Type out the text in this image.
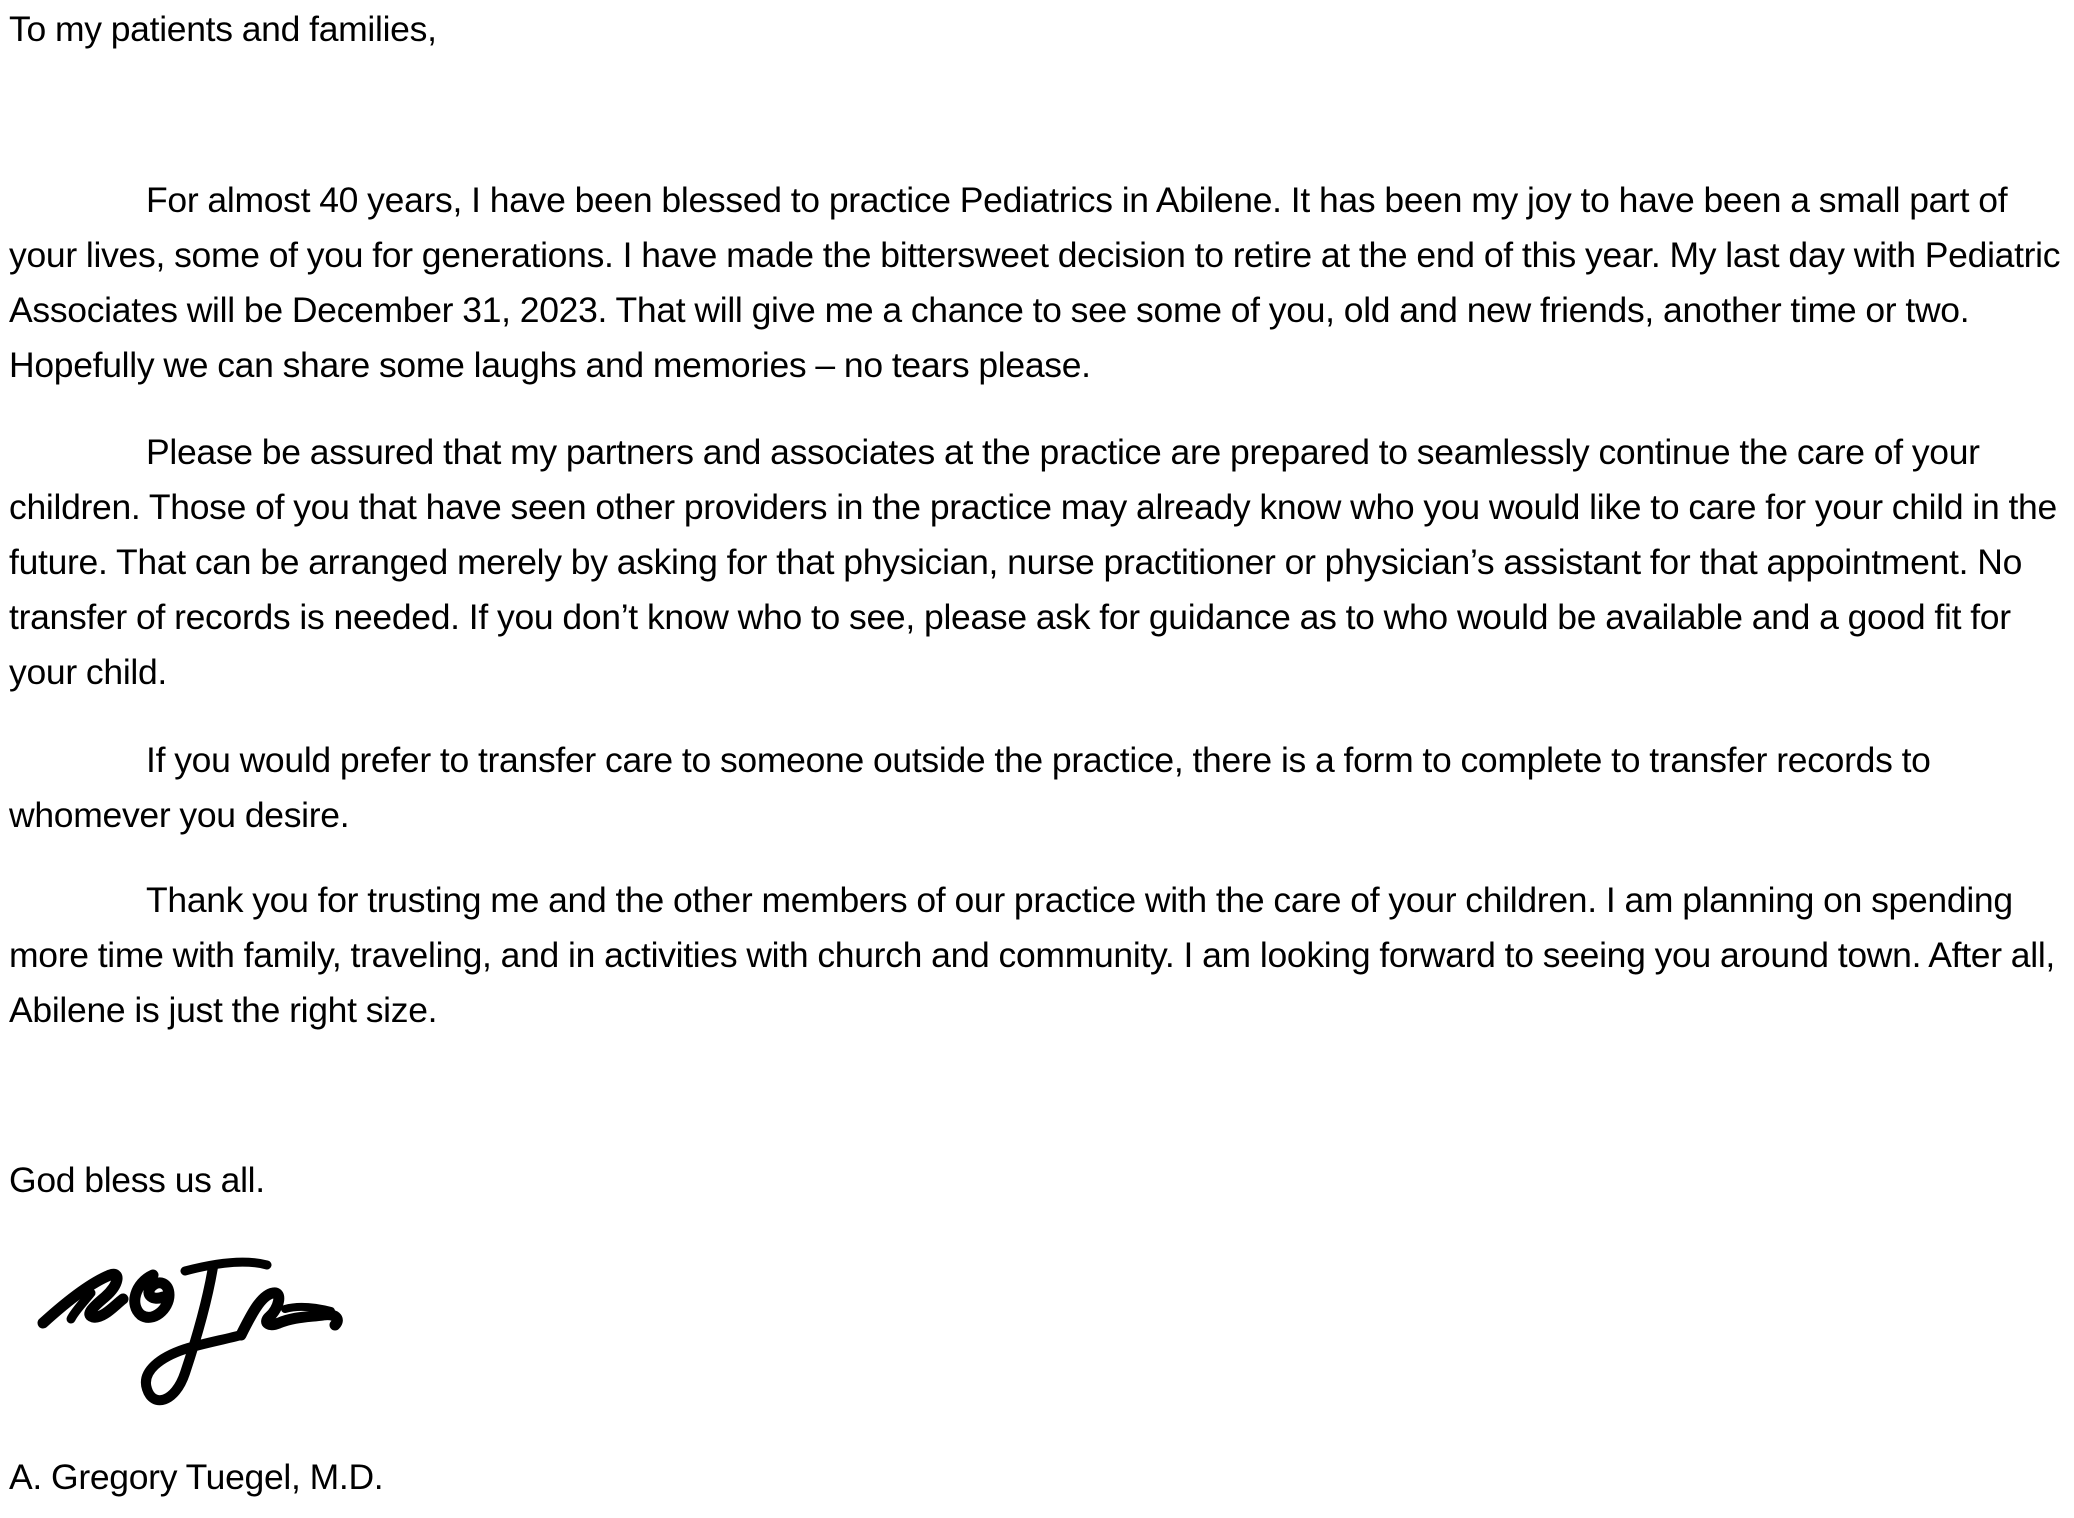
To my patients and families,

For almost 40 years, I have been blessed to practice Pediatrics in Abilene. It has been my joy to have been a small part of your lives, some of you for generations. I have made the bittersweet decision to retire at the end of this year. My last day with Pediatric Associates will be December 31, 2023. That will give me a chance to see some of you, old and new friends, another time or two. Hopefully we can share some laughs and memories – no tears please.

Please be assured that my partners and associates at the practice are prepared to seamlessly continue the care of your children. Those of you that have seen other providers in the practice may already know who you would like to care for your child in the future. That can be arranged merely by asking for that physician, nurse practitioner or physician’s assistant for that appointment. No transfer of records is needed. If you don’t know who to see, please ask for guidance as to who would be available and a good fit for your child.

If you would prefer to transfer care to someone outside the practice, there is a form to complete to transfer records to whomever you desire.

Thank you for trusting me and the other members of our practice with the care of your children. I am planning on spending more time with family, traveling, and in activities with church and community. I am looking forward to seeing you around town. After all, Abilene is just the right size.

God bless us all.

A. Gregory Tuegel, M.D.
